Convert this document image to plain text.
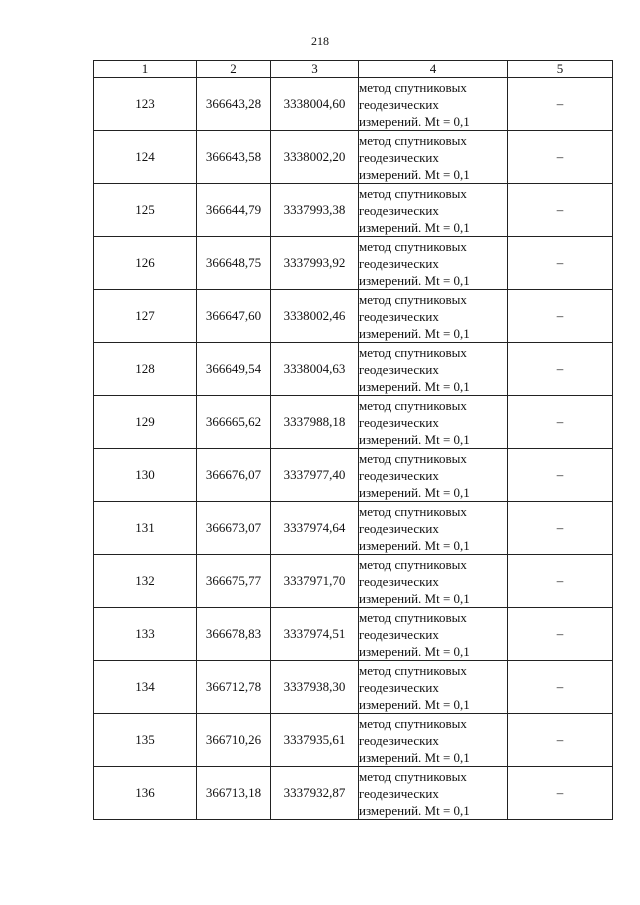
218
1	2	3	4	5
123	366643,28	3338004,60	метод спутниковых
геодезических
измерений. Mt = 0,1	–
124	366643,58	3338002,20	метод спутниковых
геодезических
измерений. Mt = 0,1	–
125	366644,79	3337993,38	метод спутниковых
геодезических
измерений. Mt = 0,1	–
126	366648,75	3337993,92	метод спутниковых
геодезических
измерений. Mt = 0,1	–
127	366647,60	3338002,46	метод спутниковых
геодезических
измерений. Mt = 0,1	–
128	366649,54	3338004,63	метод спутниковых
геодезических
измерений. Mt = 0,1	–
129	366665,62	3337988,18	метод спутниковых
геодезических
измерений. Mt = 0,1	–
130	366676,07	3337977,40	метод спутниковых
геодезических
измерений. Mt = 0,1	–
131	366673,07	3337974,64	метод спутниковых
геодезических
измерений. Mt = 0,1	–
132	366675,77	3337971,70	метод спутниковых
геодезических
измерений. Mt = 0,1	–
133	366678,83	3337974,51	метод спутниковых
геодезических
измерений. Mt = 0,1	–
134	366712,78	3337938,30	метод спутниковых
геодезических
измерений. Mt = 0,1	–
135	366710,26	3337935,61	метод спутниковых
геодезических
измерений. Mt = 0,1	–
136	366713,18	3337932,87	метод спутниковых
геодезических
измерений. Mt = 0,1	–
